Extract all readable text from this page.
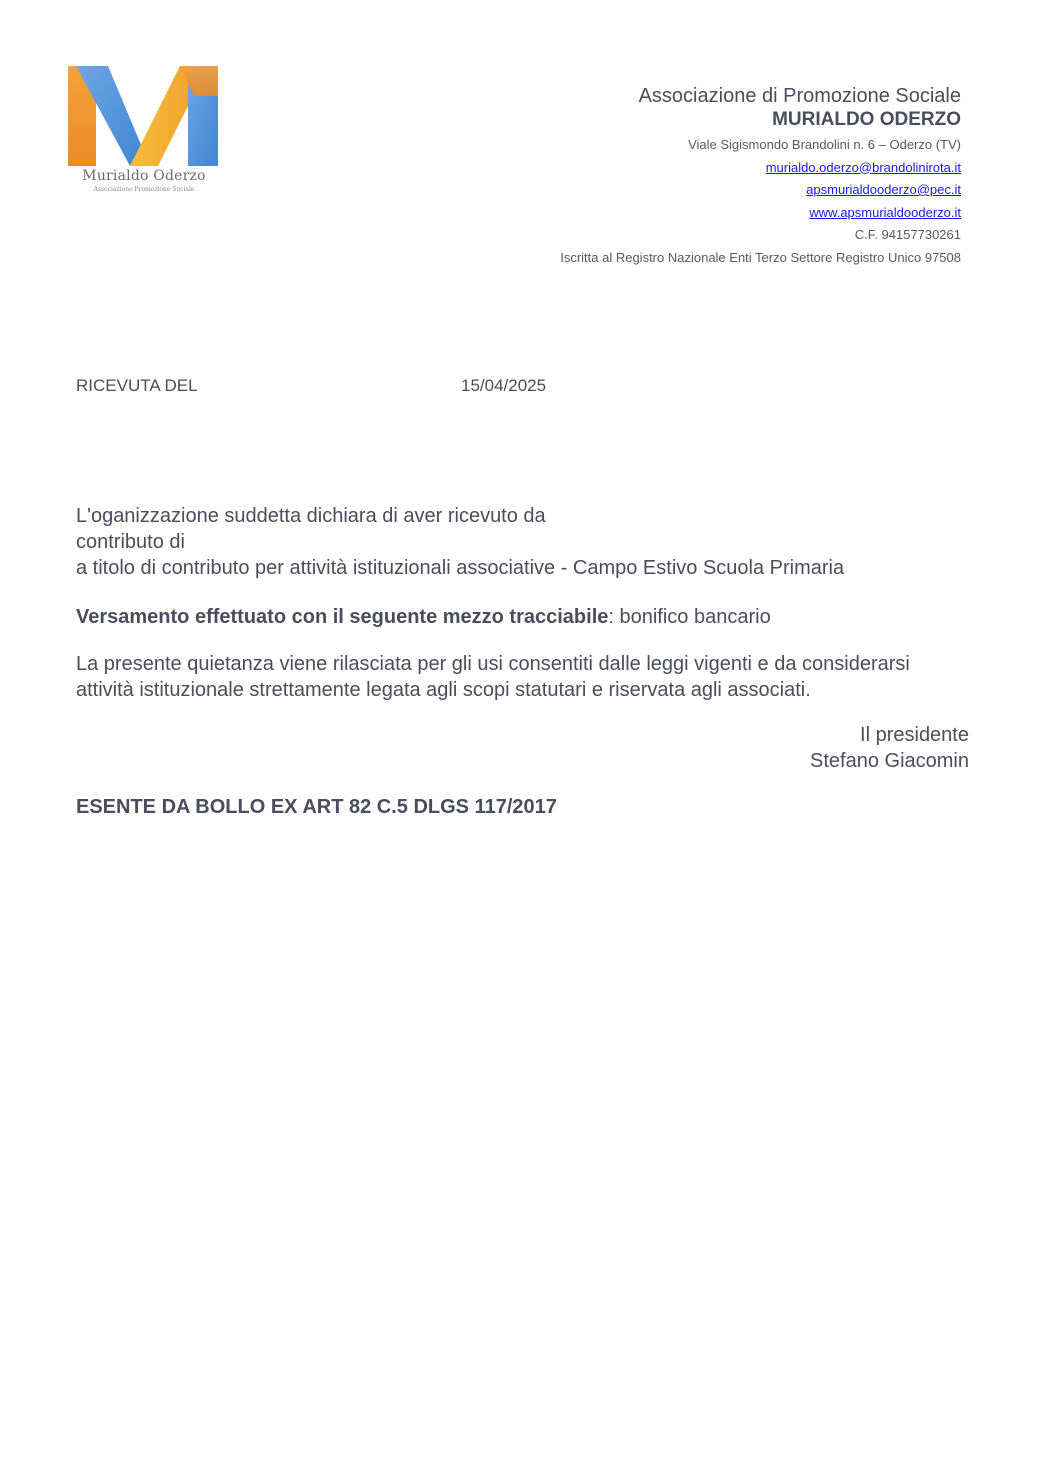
Murialdo Oderzo
Associazione Promozione Sociale
Associazione di Promozione Sociale
MURIALDO ODERZO
Viale Sigismondo Brandolini n. 6 – Oderzo (TV)
murialdo.oderzo@brandolinirota.it
apsmurialdooderzo@pec.it
www.apsmurialdooderzo.it
C.F. 94157730261
Iscritta al Registro Nazionale Enti Terzo Settore Registro Unico 97508
RICEVUTA DEL	15/04/2025
L'oganizzazione suddetta dichiara di aver ricevuto da
contributo di
a titolo di contributo per attività istituzionali associative - Campo Estivo Scuola Primaria
Versamento effettuato con il seguente mezzo tracciabile: bonifico bancario
La presente quietanza viene rilasciata per gli usi consentiti dalle leggi vigenti e da considerarsi
attività istituzionale strettamente legata agli scopi statutari e riservata agli associati.
Il presidente
Stefano Giacomin
ESENTE DA BOLLO EX ART 82 C.5 DLGS 117/2017
